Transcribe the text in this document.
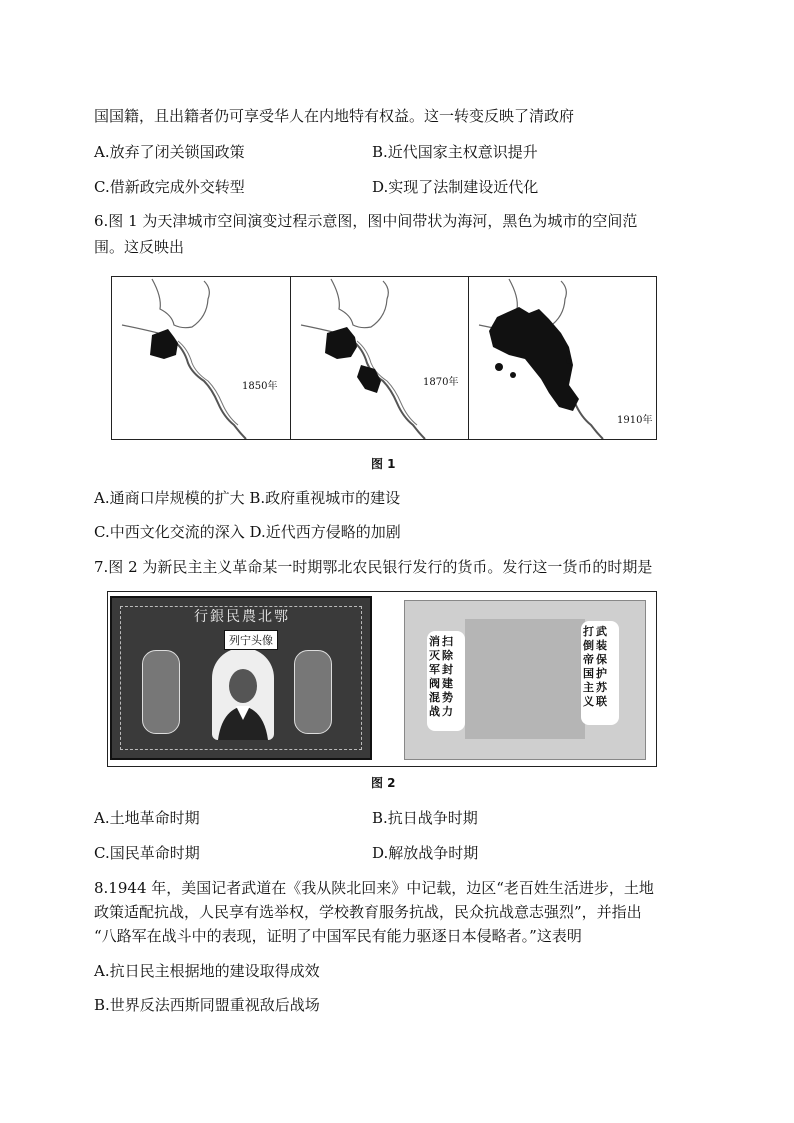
国国籍，且出籍者仍可享受华人在内地特有权益。这一转变反映了清政府
A.放弃了闭关锁国政策	B.近代国家主权意识提升
C.借新政完成外交转型	D.实现了法制建设近代化
6.图 1 为天津城市空间演变过程示意图，图中间带状为海河，黑色为城市的空间范
围。这反映出
1850年	1870年
1910年
图 1
A.通商口岸规模的扩大 B.政府重视城市的建设
C.中西文化交流的深入 D.近代西方侵略的加剧
7.图 2 为新民主主义革命某一时期鄂北农民银行发行的货币。发行这一货币的时期是
行銀民農北鄂
列宁头像	消
灭
军
阀
混
战
扫
除
封
建
势
力
打
倒
帝
国
主
义
武
装
保
护
苏
联
图 2
A.土地革命时期	B.抗日战争时期
C.国民革命时期	D.解放战争时期
8.1944 年，美国记者武道在《我从陕北回来》中记载，边区“老百姓生活进步，土地
政策适配抗战，人民享有选举权，学校教育服务抗战，民众抗战意志强烈”，并指出
“八路军在战斗中的表现，证明了中国军民有能力驱逐日本侵略者。”这表明
A.抗日民主根据地的建设取得成效
B.世界反法西斯同盟重视敌后战场
